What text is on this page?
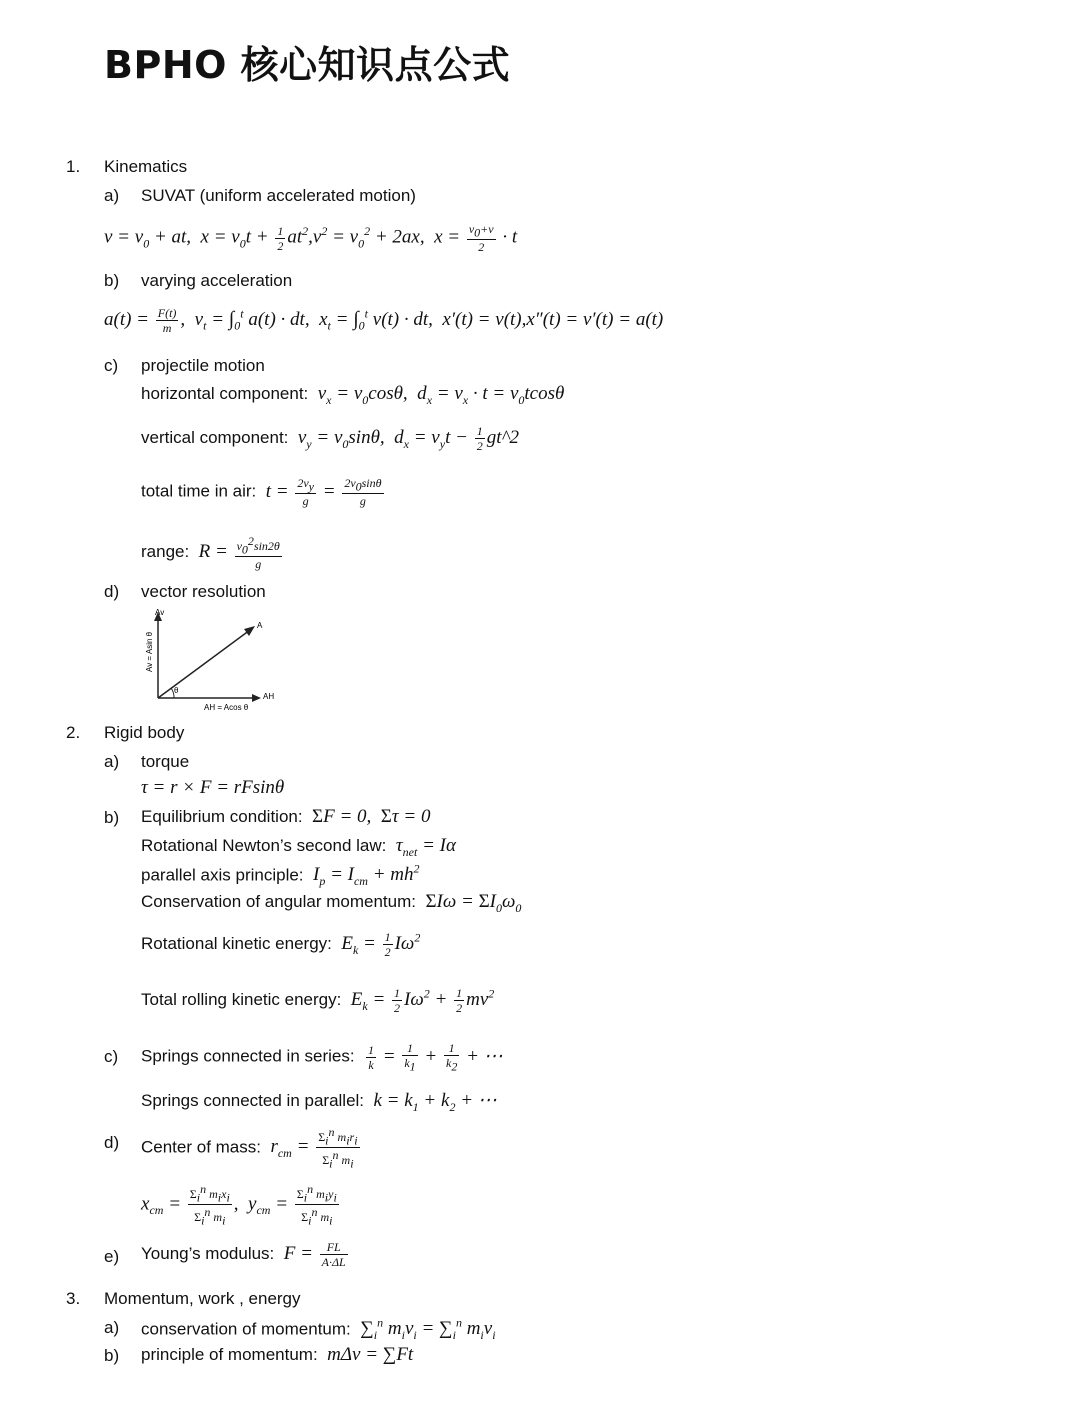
BPHO 核心知识点公式
1. Kinematics
a) SUVAT (uniform accelerated motion)
$v = v_0$ + at,  $x = v_0t + \frac{1}{2} at^2,v^2 = v_0^2 + 2ax$,  $x = \frac{v_0+v}{2} \cdot t$
b) varying acceleration
$a(t) = \frac{F(t)}{m}$ ,  $v_t = \int_0^t$ a(t) · dt,  $x_t = \int_0^t$ v(t) · dt,  x′(t) = v(t),x″(t) = v′(t) = a(t)
c) projectile motion
horizontal component: $v_x = v_0\cos\theta$,  $d_x = v_x \cdot t = v_0tcos\theta$
vertical component: $v_y = v_0\sin\theta$,  $d_x = v_yt - \frac{1}{2}$ gt^2
total time in air: $t = \frac{2v_y}{g} = \frac{2v_0\sin\theta}{g}$
range: $R = \frac{v_0^2\sin 2\theta}{g}$
d) vector resolution
Av
Av = Asin θ
A
θ
AH
AH = Acos θ
2. Rigid body
a) torque
τ = r × F = rFsinθ
b) Equilibrium condition: ΣF = 0,  Στ = 0
Rotational Newton’s second law: $\tau_{net} = I\alpha$
parallel axis principle: $I_p = I_{cm} + mh^2$
Conservation of angular momentum: $\Sigma I\omega = \Sigma I_0\omega_0$
Rotational kinetic energy: $E_k = \frac{1}{2} I\omega^2$
Total rolling kinetic energy: $E_k = \frac{1}{2} I\omega^2 + \frac{1}{2} mv^2$
c) Springs connected in series: $\frac{1}{k} = \frac{1}{k_1} + \frac{1}{k_2}$ + ⋯
Springs connected in parallel: $k = k_1 + k_2$ + ⋯
d) Center of mass: $r_{cm} = \frac{\Sigma_i^n m_ir_i}{\Sigma_i^n m_i}$
$x_{cm} = \frac{\Sigma_i^n m_ix_i}{\Sigma_i^n m_i}$ ,  $y_{cm} = \frac{\Sigma_i^n m_iy_i}{\Sigma_i^n m_i}$
e) Young’s modulus: $F = \frac{FL}{A\cdot\Delta L}$
3. Momentum, work , energy
a) conservation of momentum: $\sum_i^n$ $m_iv_i = \sum_i^n$ $m_iv_i$
b) principle of momentum: mΔv = ∑Ft
